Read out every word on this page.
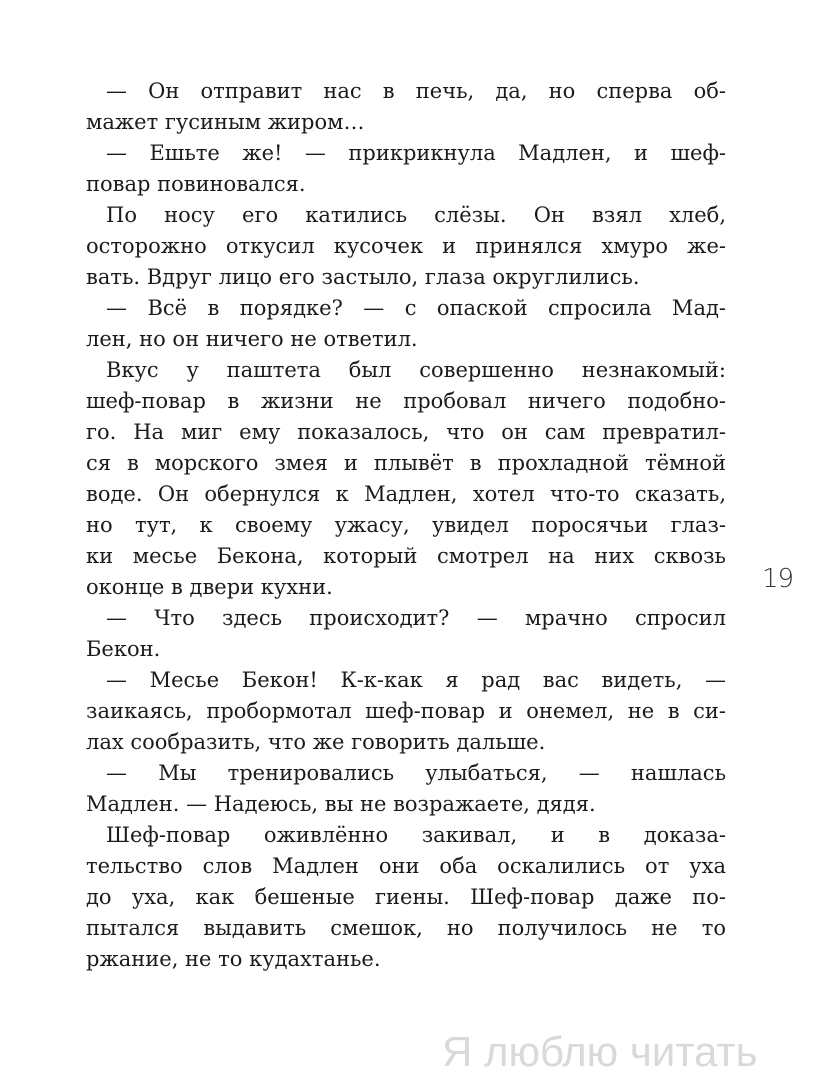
— Он отправит нас в печь, да, но сперва об-
мажет гусиным жиром…
— Ешьте же! — прикрикнула Мадлен, и шеф-
повар повиновался.
По носу его катились слёзы. Он взял хлеб,
осторожно откусил кусочек и принялся хмуро же-
вать. Вдруг лицо его застыло, глаза округлились.
— Всё в порядке? — с опаской спросила Мад-
лен, но он ничего не ответил.
Вкус у паштета был совершенно незнакомый:
шеф-повар в жизни не пробовал ничего подобно-
го. На миг ему показалось, что он сам превратил-
ся в морского змея и плывёт в прохладной тёмной
воде. Он обернулся к Мадлен, хотел что-то сказать,
но тут, к своему ужасу, увидел поросячьи глаз-
ки месье Бекона, который смотрел на них сквозь
оконце в двери кухни.
— Что здесь происходит? — мрачно спросил
Бекон.
— Месье Бекон! К-к-как я рад вас видеть, —
заикаясь, пробормотал шеф-повар и онемел, не в си-
лах сообразить, что же говорить дальше.
— Мы тренировались улыбаться, — нашлась
Мадлен. — Надеюсь, вы не возражаете, дядя.
Шеф-повар оживлённо закивал, и в доказа-
тельство слов Мадлен они оба оскалились от уха
до уха, как бешеные гиены. Шеф-повар даже по-
пытался выдавить смешок, но получилось не то
ржание, не то кудахтанье.
19
Я люблю читать
